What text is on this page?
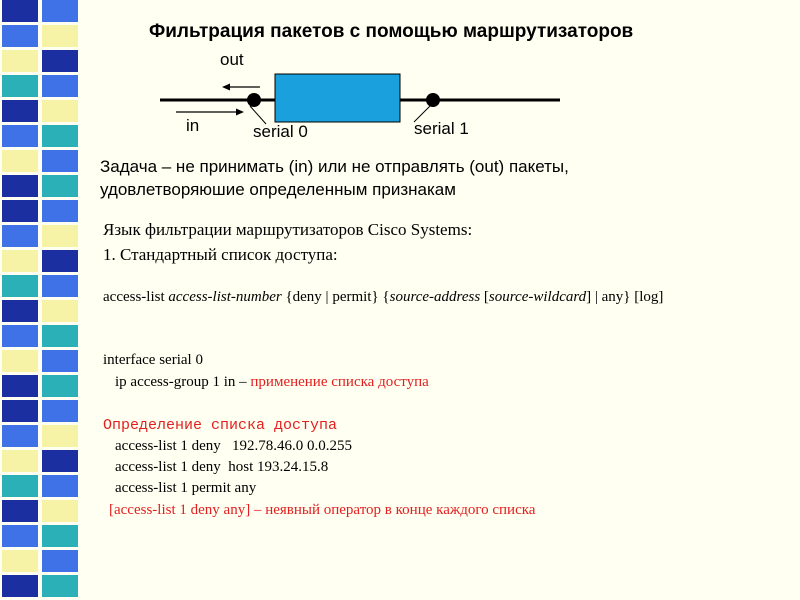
Фильтрация пакетов с помощью маршрутизаторов
out
in	serial 0	serial 1
Задача – не принимать (in) или не отправлять (out) пакеты,
удовлетворяюшие определенным признакам
Язык фильтрации маршрутизаторов Cisco Systems:
1. Стандартный список доступа:
access-list access-list-number {deny | permit} {source-address [source-wildcard] | any} [log]
interface serial 0
ip access-group 1 in – применение списка доступа
Определение списка доступа
access-list 1 deny   192.78.46.0 0.0.255
access-list 1 deny  host 193.24.15.8
access-list 1 permit any
[access-list 1 deny any] – неявный оператор в конце каждого списка
